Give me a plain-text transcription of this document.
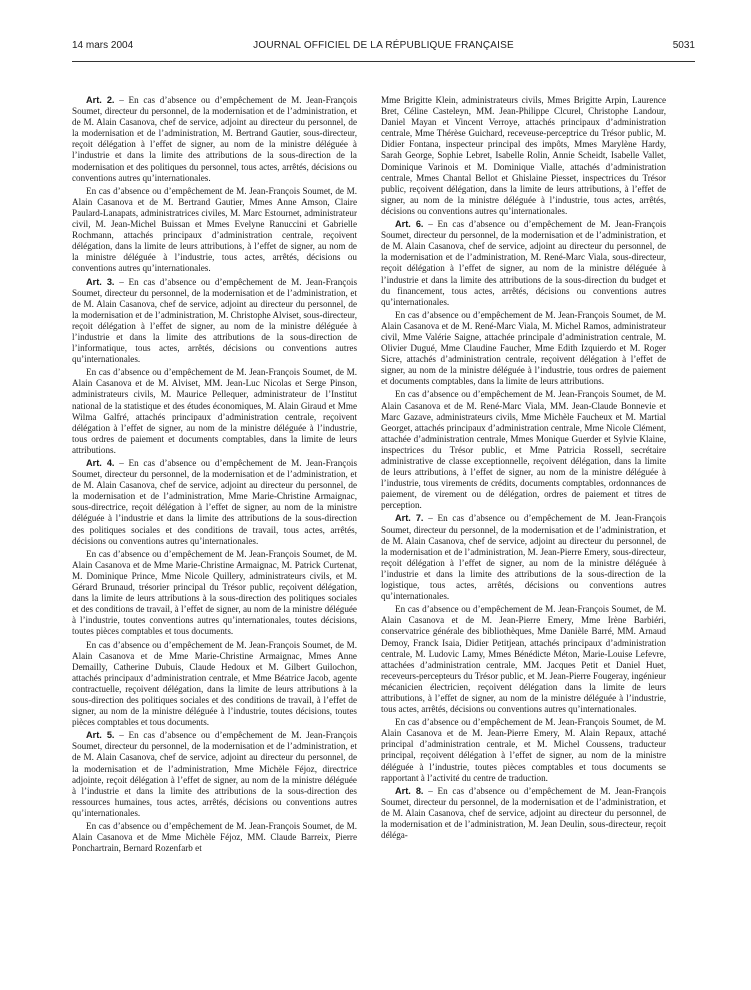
14 mars 2004	JOURNAL OFFICIEL DE LA RÉPUBLIQUE FRANÇAISE	5031

Art. 2. – En cas d’absence ou d’empêchement de M. Jean-François Soumet, directeur du personnel, de la modernisation et de l’administration, et de M. Alain Casanova, chef de service, adjoint au directeur du personnel, de la modernisation et de l’administration, M. Bertrand Gautier, sous-directeur, reçoit délégation à l’effet de signer, au nom de la ministre déléguée à l’industrie et dans la limite des attributions de la sous-direction de la modernisation et des politiques du personnel, tous actes, arrêtés, décisions ou conventions autres qu’internationales.

En cas d’absence ou d’empêchement de M. Jean-François Soumet, de M. Alain Casanova et de M. Bertrand Gautier, Mmes Anne Amson, Claire Paulard-Lanapats, administratrices civiles, M. Marc Estournet, administrateur civil, M. Jean-Michel Buissan et Mmes Evelyne Ranuccini et Gabrielle Rochmann, attachés principaux d’administration centrale, reçoivent délégation, dans la limite de leurs attributions, à l’effet de signer, au nom de la ministre déléguée à l’industrie, tous actes, arrêtés, décisions ou conventions autres qu’internationales.

Art. 3. – En cas d’absence ou d’empêchement de M. Jean-François Soumet, directeur du personnel, de la modernisation et de l’administration, et de M. Alain Casanova, chef de service, adjoint au directeur du personnel, de la modernisation et de l’administration, M. Christophe Alviset, sous-directeur, reçoit délégation à l’effet de signer, au nom de la ministre déléguée à l’industrie et dans la limite des attributions de la sous-direction de l’informatique, tous actes, arrêtés, décisions ou conventions autres qu’internationales.

En cas d’absence ou d’empêchement de M. Jean-François Soumet, de M. Alain Casanova et de M. Alviset, MM. Jean-Luc Nicolas et Serge Pinson, administrateurs civils, M. Maurice Pellequer, administrateur de l’Institut national de la statistique et des études économiques, M. Alain Giraud et Mme Wilma Galfré, attachés principaux d’administration centrale, reçoivent délégation à l’effet de signer, au nom de la ministre déléguée à l’industrie, tous ordres de paiement et documents comptables, dans la limite de leurs attributions.

Art. 4. – En cas d’absence ou d’empêchement de M. Jean-François Soumet, directeur du personnel, de la modernisation et de l’administration, et de M. Alain Casanova, chef de service, adjoint au directeur du personnel, de la modernisation et de l’administration, Mme Marie-Christine Armaignac, sous-directrice, reçoit délégation à l’effet de signer, au nom de la ministre déléguée à l’industrie et dans la limite des attributions de la sous-direction des politiques sociales et des conditions de travail, tous actes, arrêtés, décisions ou conventions autres qu’internationales.

En cas d’absence ou d’empêchement de M. Jean-François Soumet, de M. Alain Casanova et de Mme Marie-Christine Armaignac, M. Patrick Curtenat, M. Dominique Prince, Mme Nicole Quillery, administrateurs civils, et M. Gérard Brunaud, trésorier principal du Trésor public, reçoivent délégation, dans la limite de leurs attributions à la sous-direction des politiques sociales et des conditions de travail, à l’effet de signer, au nom de la ministre déléguée à l’industrie, toutes conventions autres qu’internationales, toutes décisions, toutes pièces comptables et tous documents.

En cas d’absence ou d’empêchement de M. Jean-François Soumet, de M. Alain Casanova et de Mme Marie-Christine Armaignac, Mmes Anne Demailly, Catherine Dubuis, Claude Hedoux et M. Gilbert Guilochon, attachés principaux d’administration centrale, et Mme Béatrice Jacob, agente contractuelle, reçoivent délégation, dans la limite de leurs attributions à la sous-direction des politiques sociales et des conditions de travail, à l’effet de signer, au nom de la ministre déléguée à l’industrie, toutes décisions, toutes pièces comptables et tous documents.

Art. 5. – En cas d’absence ou d’empêchement de M. Jean-François Soumet, directeur du personnel, de la modernisation et de l’administration, et de M. Alain Casanova, chef de service, adjoint au directeur du personnel, de la modernisation et de l’administration, Mme Michèle Féjoz, directrice adjointe, reçoit délégation à l’effet de signer, au nom de la ministre déléguée à l’industrie et dans la limite des attributions de la sous-direction des ressources humaines, tous actes, arrêtés, décisions ou conventions autres qu’internationales.

En cas d’absence ou d’empêchement de M. Jean-François Soumet, de M. Alain Casanova et de Mme Michèle Féjoz, MM. Claude Barreix, Pierre Ponchartrain, Bernard Rozenfarb et

Mme Brigitte Klein, administrateurs civils, Mmes Brigitte Arpin, Laurence Bret, Céline Casteleyn, MM. Jean-Philippe Clcurel, Christophe Landour, Daniel Mayan et Vincent Verroye, attachés principaux d’administration centrale, Mme Thérèse Guichard, receveuse-perceptrice du Trésor public, M. Didier Fontana, inspecteur principal des impôts, Mmes Marylène Hardy, Sarah George, Sophie Lebret, Isabelle Rolin, Annie Scheidt, Isabelle Vallet, Dominique Varinois et M. Dominique Vialle, attachés d’administration centrale, Mmes Chantal Bellot et Ghislaine Piesset, inspectrices du Trésor public, reçoivent délégation, dans la limite de leurs attributions, à l’effet de signer, au nom de la ministre déléguée à l’industrie, tous actes, arrêtés, décisions ou conventions autres qu’internationales.

Art. 6. – En cas d’absence ou d’empêchement de M. Jean-François Soumet, directeur du personnel, de la modernisation et de l’administration, et de M. Alain Casanova, chef de service, adjoint au directeur du personnel, de la modernisation et de l’administration, M. René-Marc Viala, sous-directeur, reçoit délégation à l’effet de signer, au nom de la ministre déléguée à l’industrie et dans la limite des attributions de la sous-direction du budget et du financement, tous actes, arrêtés, décisions ou conventions autres qu’internationales.

En cas d’absence ou d’empêchement de M. Jean-François Soumet, de M. Alain Casanova et de M. René-Marc Viala, M. Michel Ramos, administrateur civil, Mme Valérie Saigne, attachée principale d’administration centrale, M. Olivier Dugué, Mme Claudine Faucher, Mme Edith Izquierdo et M. Roger Sicre, attachés d’administration centrale, reçoivent délégation à l’effet de signer, au nom de la ministre déléguée à l’industrie, tous ordres de paiement et documents comptables, dans la limite de leurs attributions.

En cas d’absence ou d’empêchement de M. Jean-François Soumet, de M. Alain Casanova et de M. René-Marc Viala, MM. Jean-Claude Bonnevie et Marc Gazave, administrateurs civils, Mme Michèle Faucheux et M. Martial Georget, attachés principaux d’administration centrale, Mme Nicole Clément, attachée d’administration centrale, Mmes Monique Guerder et Sylvie Klaine, inspectrices du Trésor public, et Mme Patricia Rossell, secrétaire administrative de classe exceptionnelle, reçoivent délégation, dans la limite de leurs attributions, à l’effet de signer, au nom de la ministre déléguée à l’industrie, tous virements de crédits, documents comptables, ordonnances de paiement, de virement ou de délégation, ordres de paiement et titres de perception.

Art. 7. – En cas d’absence ou d’empêchement de M. Jean-François Soumet, directeur du personnel, de la modernisation et de l’administration, et de M. Alain Casanova, chef de service, adjoint au directeur du personnel, de la modernisation et de l’administration, M. Jean-Pierre Emery, sous-directeur, reçoit délégation à l’effet de signer, au nom de la ministre déléguée à l’industrie et dans la limite des attributions de la sous-direction de la logistique, tous actes, arrêtés, décisions ou conventions autres qu’internationales.

En cas d’absence ou d’empêchement de M. Jean-François Soumet, de M. Alain Casanova et de M. Jean-Pierre Emery, Mme Irène Barbiéri, conservatrice générale des bibliothèques, Mme Danièle Barré, MM. Arnaud Demoy, Franck Isaia, Didier Petitjean, attachés principaux d’administration centrale, M. Ludovic Lamy, Mmes Bénédicte Méton, Marie-Louise Lefevre, attachées d’administration centrale, MM. Jacques Petit et Daniel Huet, receveurs-percepteurs du Trésor public, et M. Jean-Pierre Fougeray, ingénieur mécanicien électricien, reçoivent délégation dans la limite de leurs attributions, à l’effet de signer, au nom de la ministre déléguée à l’industrie, tous actes, arrêtés, décisions ou conventions autres qu’internationales.

En cas d’absence ou d’empêchement de M. Jean-François Soumet, de M. Alain Casanova et de M. Jean-Pierre Emery, M. Alain Repaux, attaché principal d’administration centrale, et M. Michel Coussens, traducteur principal, reçoivent délégation à l’effet de signer, au nom de la ministre déléguée à l’industrie, toutes pièces comptables et tous documents se rapportant à l’activité du centre de traduction.

Art. 8. – En cas d’absence ou d’empêchement de M. Jean-François Soumet, directeur du personnel, de la modernisation et de l’administration, et de M. Alain Casanova, chef de service, adjoint au directeur du personnel, de la modernisation et de l’administration, M. Jean Deulin, sous-directeur, reçoit déléga-
